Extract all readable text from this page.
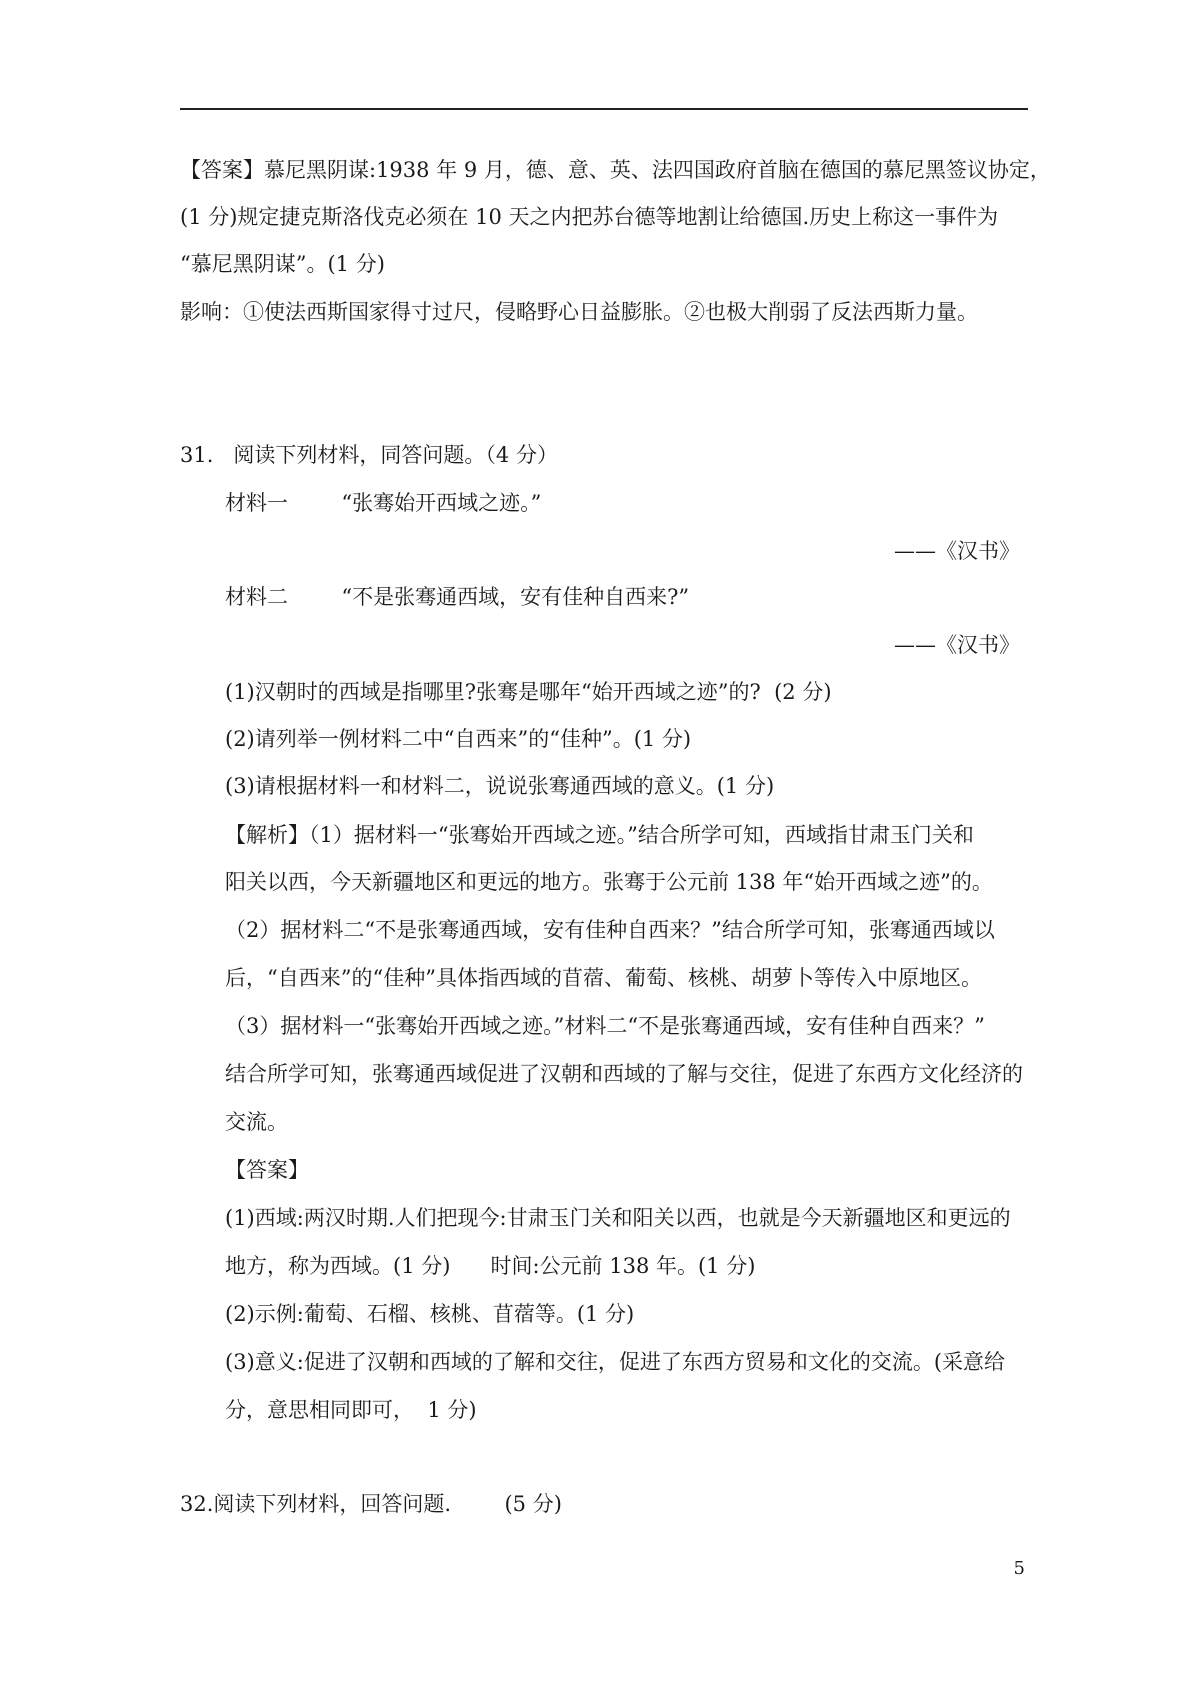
【答案】慕尼黑阴谋:1938 年 9 月，德、意、英、法四国政府首脑在德国的慕尼黑签议协定，
(1 分)规定捷克斯洛伐克必须在 10 天之内把苏台德等地割让给德国.历史上称这一事件为
“慕尼黑阴谋”。(1 分)
影响：①使法西斯国家得寸过尺，侵略野心日益膨胀。②也极大削弱了反法西斯力量。
31.   阅读下列材料，同答问题。（4 分）
材料一        “张骞始开西域之迹。”
——《汉书》
材料二        “不是张骞通西域，安有佳种自西来?”
——《汉书》
(1)汉朝时的西域是指哪里?张骞是哪年“始开西域之迹”的?  (2 分)
(2)请列举一例材料二中“自西来”的“佳种”。(1 分)
(3)请根据材料一和材料二，说说张骞通西域的意义。(1 分)
【解析】（1）据材料一“张骞始开西域之迹。”结合所学可知，西域指甘肃玉门关和
阳关以西，今天新疆地区和更远的地方。张骞于公元前 138 年“始开西域之迹”的。
（2）据材料二“不是张骞通西域，安有佳种自西来？”结合所学可知，张骞通西域以
后，“自西来”的“佳种”具体指西域的苜蓿、葡萄、核桃、胡萝卜等传入中原地区。
（3）据材料一“张骞始开西域之迹。”材料二“不是张骞通西域，安有佳种自西来？”
结合所学可知，张骞通西域促进了汉朝和西域的了解与交往，促进了东西方文化经济的
交流。
【答案】
(1)西域:两汉时期.人们把现今:甘肃玉门关和阳关以西，也就是今天新疆地区和更远的
地方，称为西域。(1 分)      时间:公元前 138 年。(1 分)
(2)示例:葡萄、石榴、核桃、苜蓿等。(1 分)
(3)意义:促进了汉朝和西域的了解和交往，促进了东西方贸易和文化的交流。(采意给
分，意思相同即可，  1 分)
32.阅读下列材料，回答问题.        (5 分)
5
